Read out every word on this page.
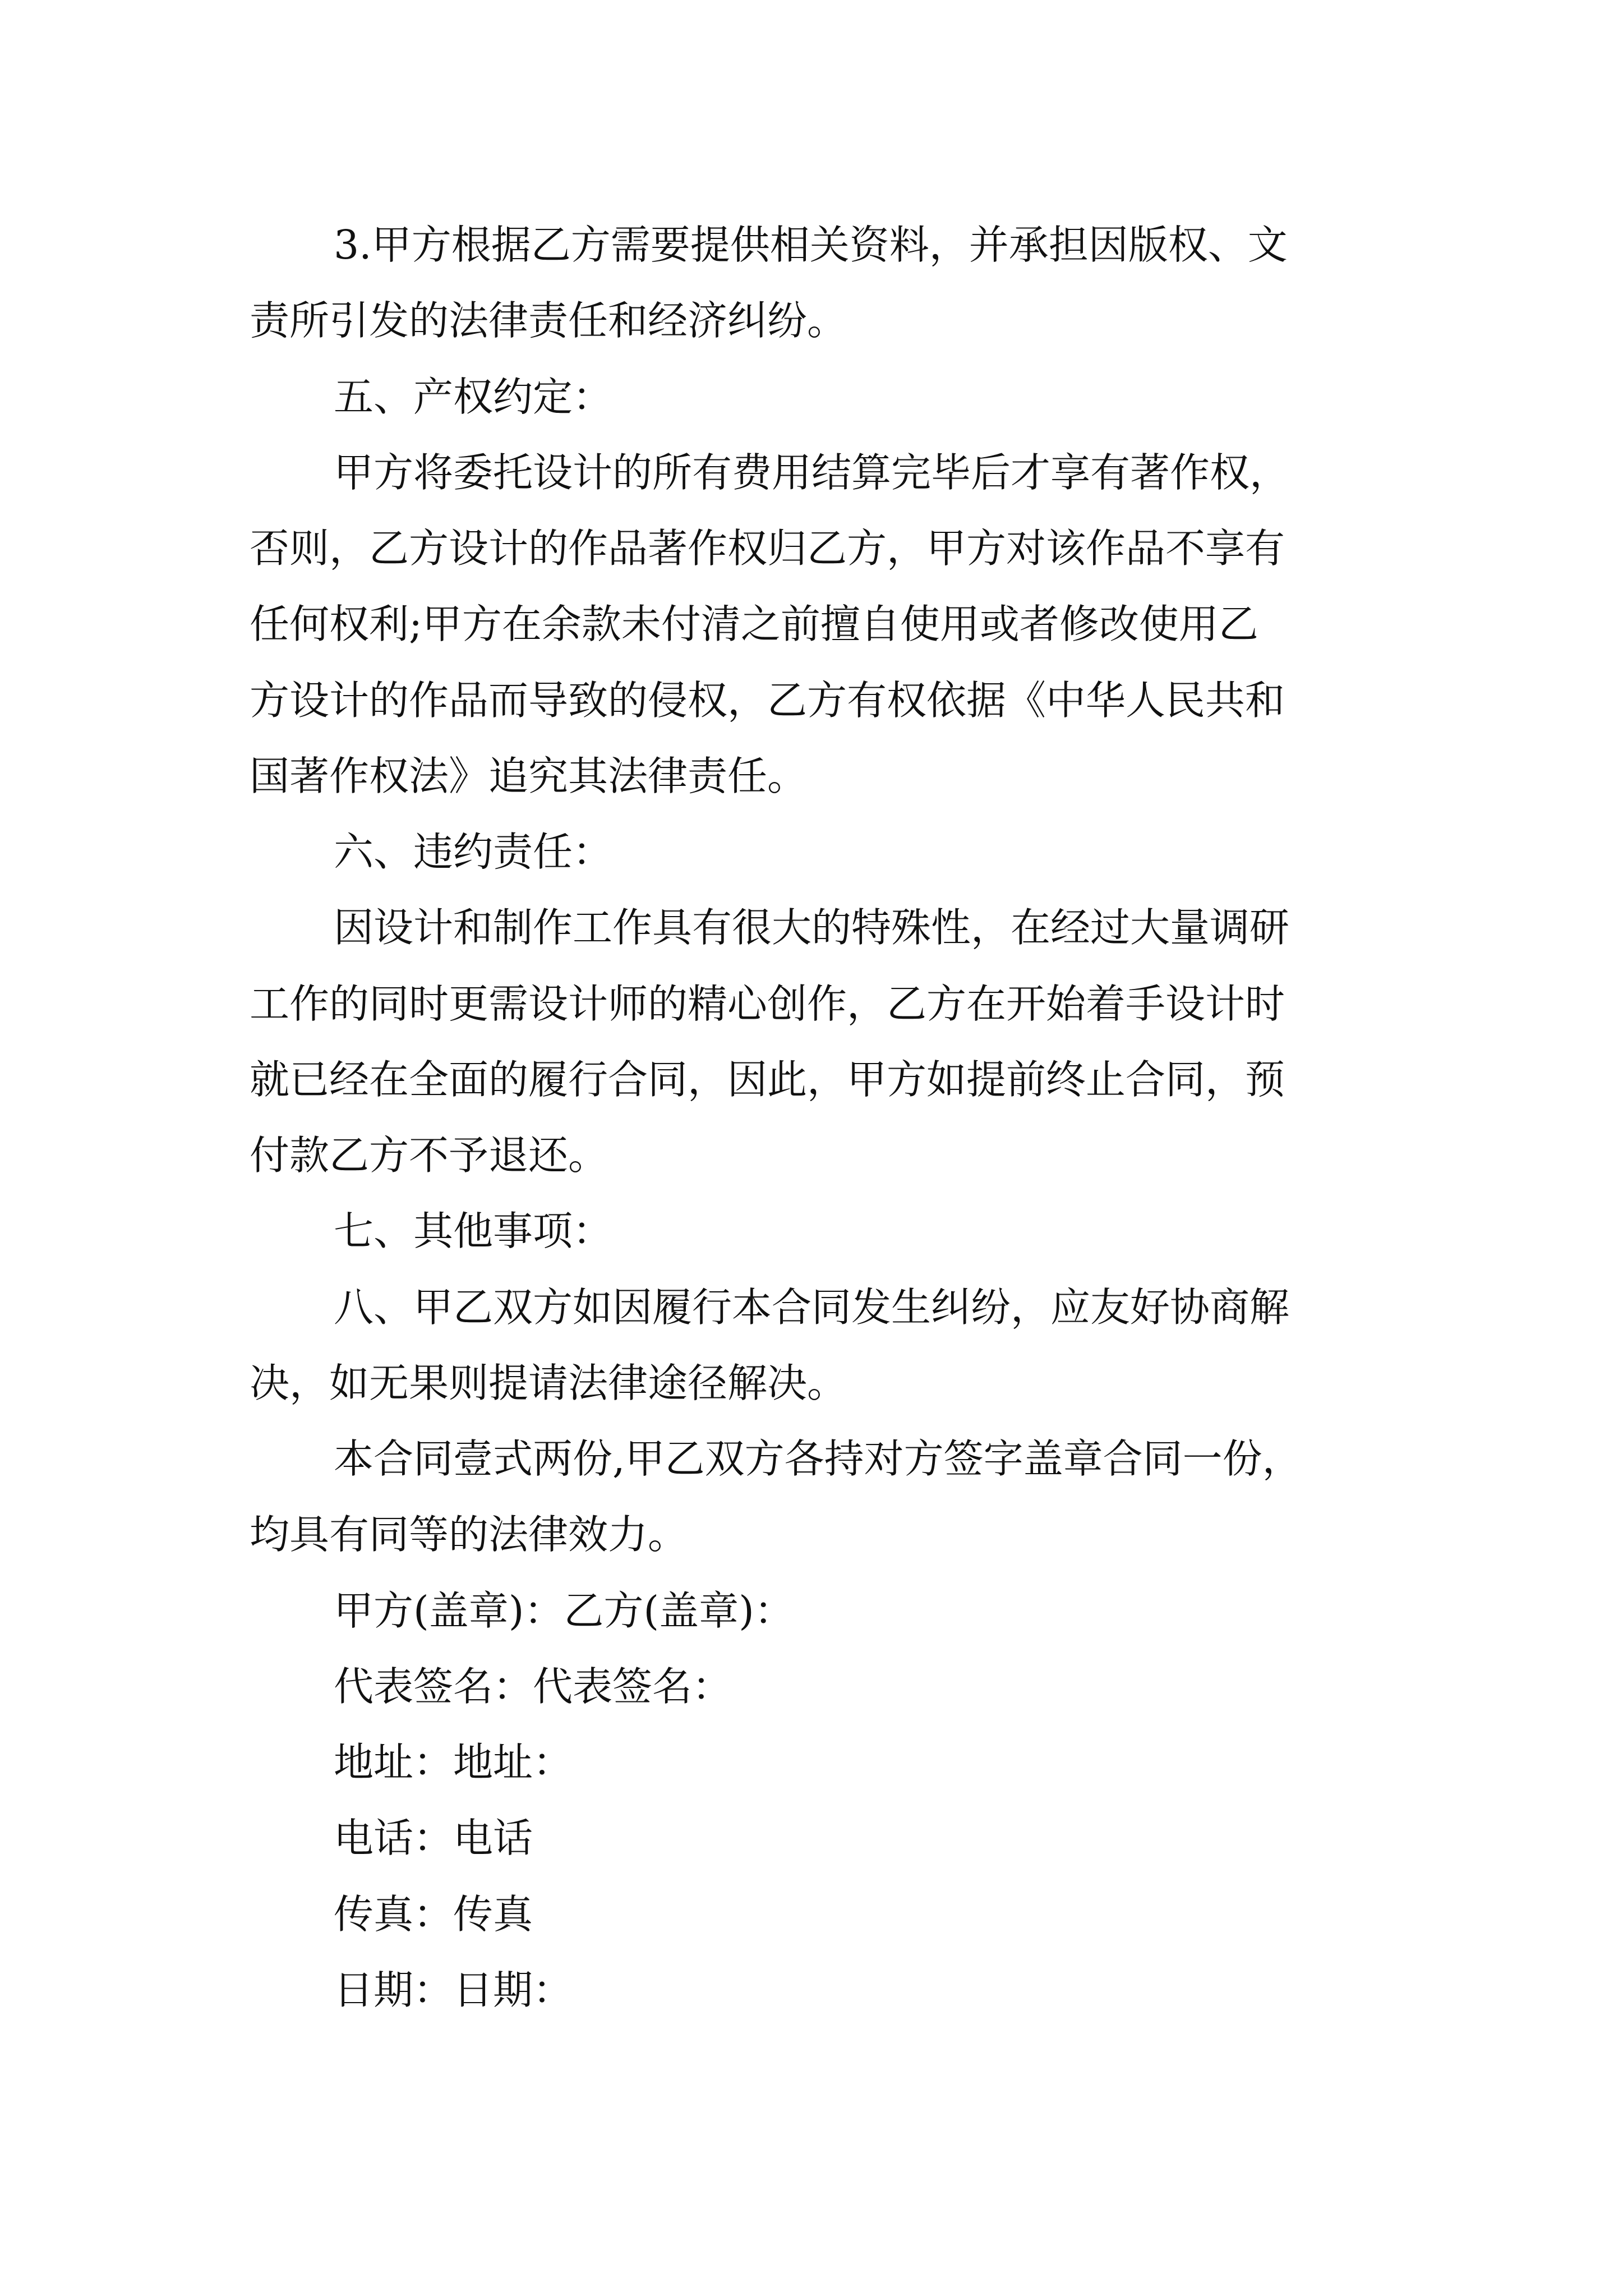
3.甲方根据乙方需要提供相关资料，并承担因版权、文
责所引发的法律责任和经济纠纷。
五、产权约定：
甲方将委托设计的所有费用结算完毕后才享有著作权，
否则，乙方设计的作品著作权归乙方，甲方对该作品不享有
任何权利;甲方在余款未付清之前擅自使用或者修改使用乙
方设计的作品而导致的侵权，乙方有权依据《中华人民共和
国著作权法》追究其法律责任。
六、违约责任：
因设计和制作工作具有很大的特殊性，在经过大量调研
工作的同时更需设计师的精心创作，乙方在开始着手设计时
就已经在全面的履行合同，因此，甲方如提前终止合同，预
付款乙方不予退还。
七、其他事项：
八、甲乙双方如因履行本合同发生纠纷，应友好协商解
决，如无果则提请法律途径解决。
本合同壹式两份,甲乙双方各持对方签字盖章合同一份，
均具有同等的法律效力。
甲方(盖章)：乙方(盖章)：
代表签名：代表签名：
地址：地址：
电话：电话
传真：传真
日期：日期：
